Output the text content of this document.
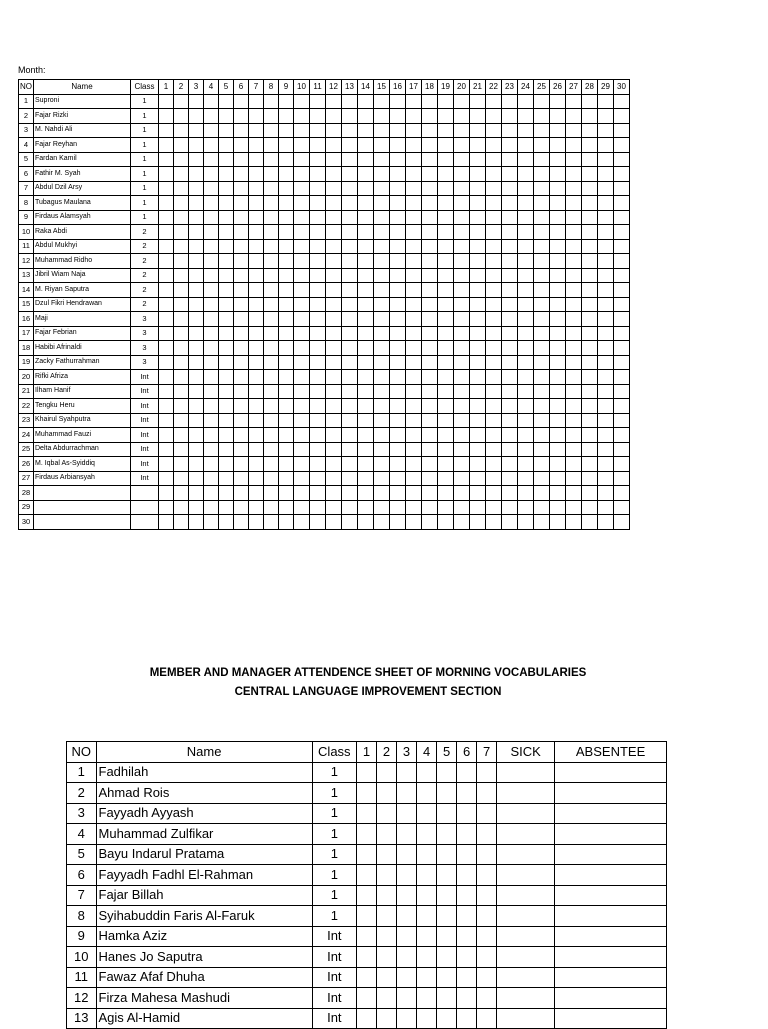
Month:
NO	Name	Class	1	2	3	4	5	6	7	8	9	10	11	12	13	14	15	16	17	18	19	20	21	22	23	24	25	26	27	28	29	30
1	Suproni	1																														
2	Fajar Rizki	1																														
3	M. Nahdi Ali	1																														
4	Fajar Reyhan	1																														
5	Fardan Kamil	1																														
6	Fathir M. Syah	1																														
7	Abdul Dzil Arsy	1																														
8	Tubagus Maulana	1																														
9	Firdaus Alamsyah	1																														
10	Raka Abdi	2																														
11	Abdul Mukhyi	2																														
12	Muhammad Ridho	2																														
13	Jibril Wiam Naja	2																														
14	M. Riyan Saputra	2																														
15	Dzul Fikri Hendrawan	2																														
16	Maji	3																														
17	Fajar Febrian	3																														
18	Habibi Afrinaldi	3																														
19	Zacky Fathurrahman	3																														
20	Rifki Afriza	Int																														
21	Ilham Hanif	Int																														
22	Tengku Heru	Int																														
23	Khairul Syahputra	Int																														
24	Muhammad Fauzi	Int																														
25	Delta Abdurrachman	Int																														
26	M. Iqbal As-Syiddiq	Int																														
27	Firdaus Arbiansyah	Int																														
28																																
29																																
30																																
MEMBER AND MANAGER ATTENDENCE SHEET OF MORNING VOCABULARIES
CENTRAL LANGUAGE IMPROVEMENT SECTION
NO	Name	Class	1	2	3	4	5	6	7	SICK	ABSENTEE
1	Fadhilah	1									
2	Ahmad Rois	1									
3	Fayyadh Ayyash	1									
4	Muhammad Zulfikar	1									
5	Bayu Indarul Pratama	1									
6	Fayyadh Fadhl El-Rahman	1									
7	Fajar Billah	1									
8	Syihabuddin Faris Al-Faruk	1									
9	Hamka Aziz	Int									
10	Hanes Jo Saputra	Int									
11	Fawaz Afaf Dhuha	Int									
12	Firza Mahesa Mashudi	Int									
13	Agis Al-Hamid	Int									
